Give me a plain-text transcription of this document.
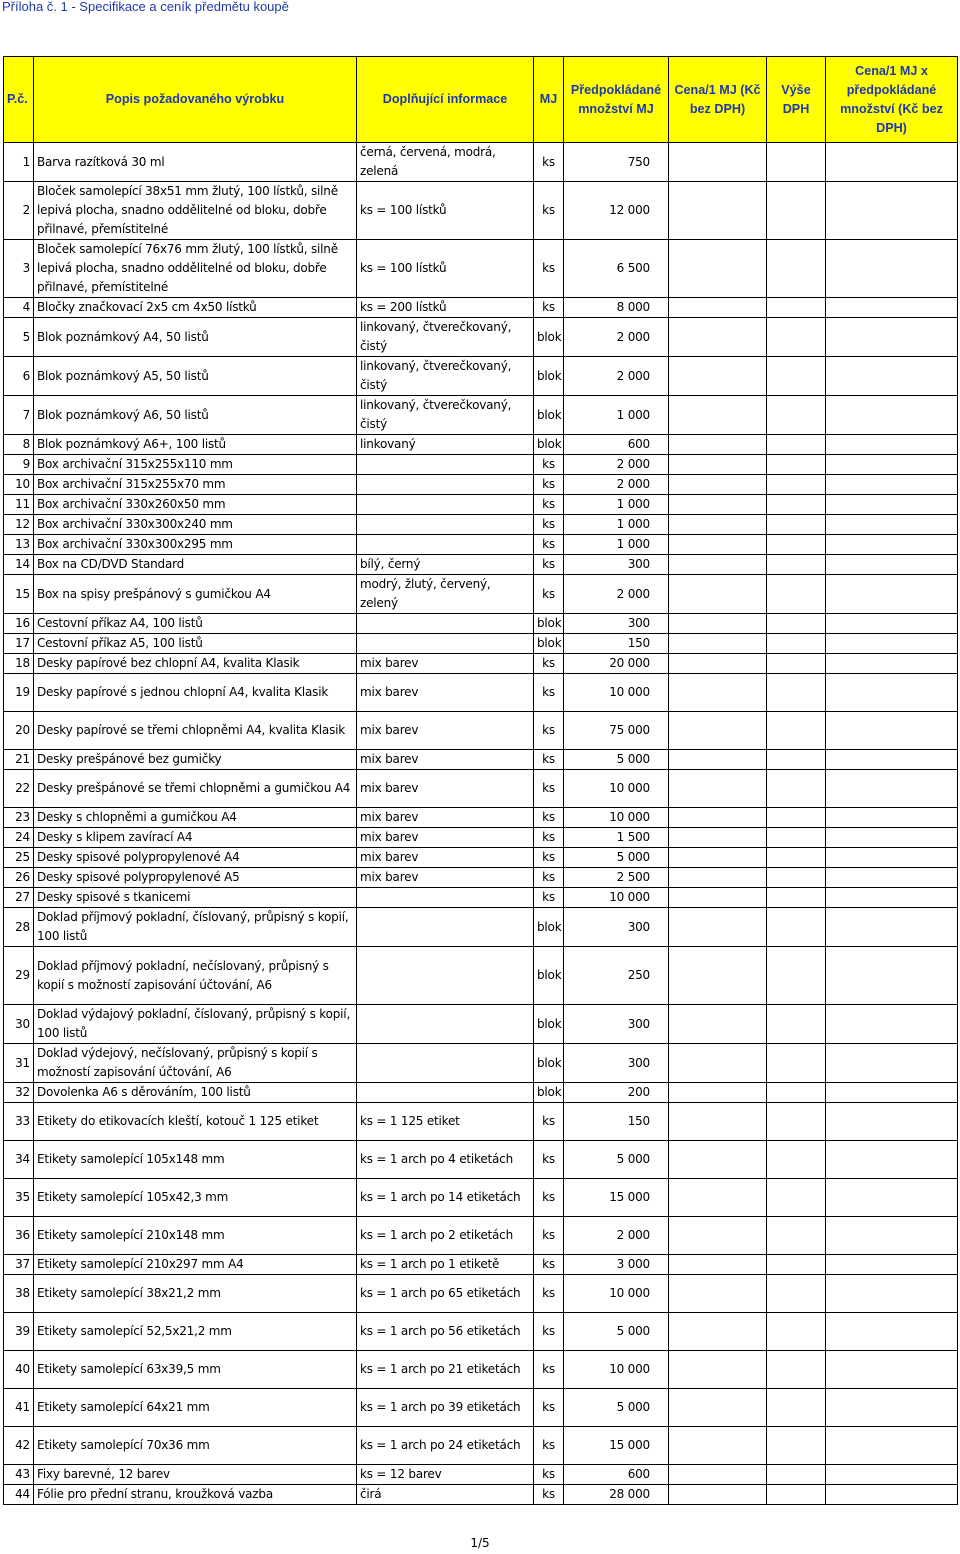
Příloha č. 1 - Specifikace a ceník předmětu koupě
P.č.	Popis požadovaného výrobku	Doplňující informace	MJ	Předpokládané množství MJ	Cena/1 MJ (Kč bez DPH)	Výše DPH	Cena/1 MJ x předpokládané množství (Kč bez DPH)
1	Barva razítková 30 ml	černá, červená, modrá, zelená	ks	750			
2	Bloček samolepící 38x51 mm žlutý, 100 lístků, silně lepivá plocha, snadno oddělitelné od bloku, dobře přilnavé, přemístitelné	ks = 100 lístků	ks	12 000			
3	Bloček samolepící 76x76 mm žlutý, 100 lístků, silně lepivá plocha, snadno oddělitelné od bloku, dobře přilnavé, přemístitelné	ks = 100 lístků	ks	6 500			
4	Bločky značkovací 2x5 cm 4x50 lístků	ks = 200 lístků	ks	8 000			
5	Blok poznámkový A4, 50 listů	linkovaný, čtverečkovaný, čistý	blok	2 000			
6	Blok poznámkový A5, 50 listů	linkovaný, čtverečkovaný, čistý	blok	2 000			
7	Blok poznámkový A6, 50 listů	linkovaný, čtverečkovaný, čistý	blok	1 000			
8	Blok poznámkový A6+, 100 listů	linkovaný	blok	600			
9	Box archivační 315x255x110 mm		ks	2 000			
10	Box archivační 315x255x70 mm		ks	2 000			
11	Box archivační 330x260x50 mm		ks	1 000			
12	Box archivační 330x300x240 mm		ks	1 000			
13	Box archivační 330x300x295 mm		ks	1 000			
14	Box na CD/DVD Standard	bílý, černý	ks	300			
15	Box na spisy prešpánový s gumičkou A4	modrý, žlutý, červený, zelený	ks	2 000			
16	Cestovní příkaz A4, 100 listů		blok	300			
17	Cestovní příkaz A5, 100 listů		blok	150			
18	Desky papírové bez chlopní A4, kvalita Klasik	mix barev	ks	20 000			
19	Desky papírové s jednou chlopní A4, kvalita Klasik	mix barev	ks	10 000			
20	Desky papírové se třemi chlopněmi A4, kvalita Klasik	mix barev	ks	75 000			
21	Desky prešpánové bez gumičky	mix barev	ks	5 000			
22	Desky prešpánové se třemi chlopněmi a gumičkou A4	mix barev	ks	10 000			
23	Desky s chlopněmi a gumičkou A4	mix barev	ks	10 000			
24	Desky s klipem zavírací A4	mix barev	ks	1 500			
25	Desky spisové polypropylenové A4	mix barev	ks	5 000			
26	Desky spisové polypropylenové A5	mix barev	ks	2 500			
27	Desky spisové s tkanicemi		ks	10 000			
28	Doklad příjmový pokladní, číslovaný, průpisný s kopií, 100 listů		blok	300			
29	Doklad příjmový pokladní, nečíslovaný, průpisný s kopií s možností zapisování účtování, A6		blok	250			
30	Doklad výdajový pokladní, číslovaný, průpisný s kopií, 100 listů		blok	300			
31	Doklad výdejový, nečíslovaný, průpisný s kopií s možností zapisování účtování, A6		blok	300			
32	Dovolenka A6 s děrováním, 100 listů		blok	200			
33	Etikety do etikovacích kleští, kotouč 1 125 etiket	ks = 1 125 etiket	ks	150			
34	Etikety samolepící 105x148 mm	ks = 1 arch po 4 etiketách	ks	5 000			
35	Etikety samolepící 105x42,3 mm	ks = 1 arch po 14 etiketách	ks	15 000			
36	Etikety samolepící 210x148 mm	ks = 1 arch po 2 etiketách	ks	2 000			
37	Etikety samolepící 210x297 mm A4	ks = 1 arch po 1 etiketě	ks	3 000			
38	Etikety samolepící 38x21,2 mm	ks = 1 arch po 65 etiketách	ks	10 000			
39	Etikety samolepící 52,5x21,2 mm	ks = 1 arch po 56 etiketách	ks	5 000			
40	Etikety samolepící 63x39,5 mm	ks = 1 arch po 21 etiketách	ks	10 000			
41	Etikety samolepící 64x21 mm	ks = 1 arch po 39 etiketách	ks	5 000			
42	Etikety samolepící 70x36 mm	ks = 1 arch po 24 etiketách	ks	15 000			
43	Fixy barevné, 12 barev	ks = 12 barev	ks	600			
44	Fólie pro přední stranu, kroužková vazba	čirá	ks	28 000			
1/5
